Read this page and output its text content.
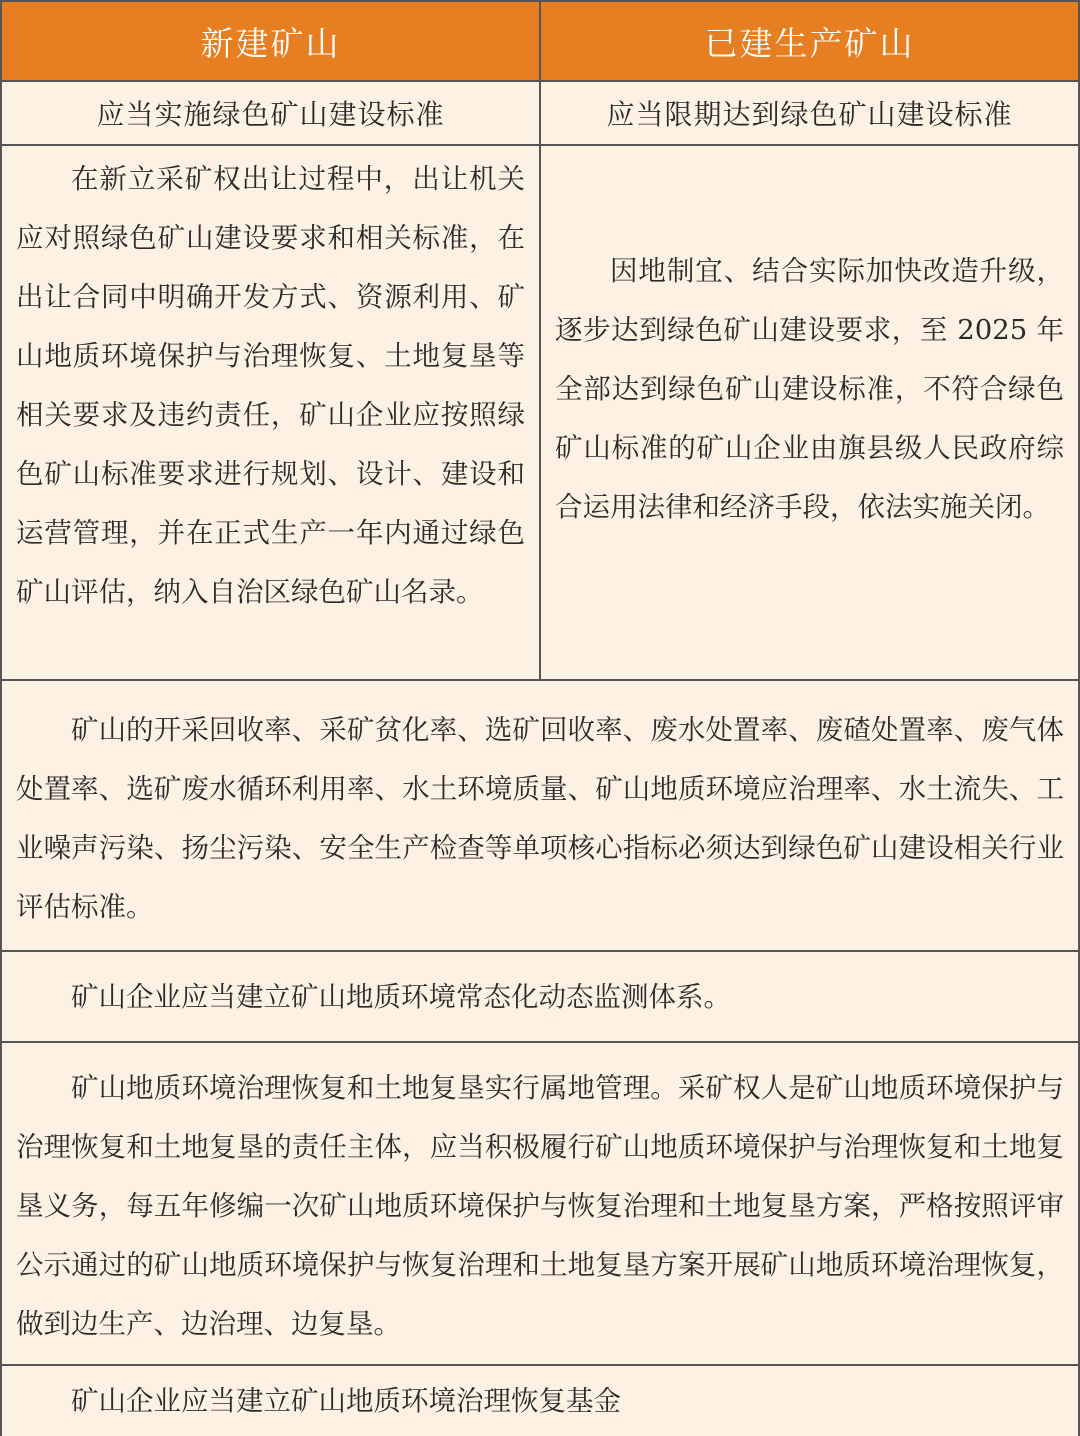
新建矿山	已建生产矿山
应当实施绿色矿山建设标准	应当限期达到绿色矿山建设标准

在新立采矿权出让过程中，出让机关应对照绿色矿山建设要求和相关标准，在出让合同中明确开发方式、资源利用、矿山地质环境保护与治理恢复、土地复垦等相关要求及违约责任，矿山企业应按照绿色矿山标准要求进行规划、设计、建设和运营管理，并在正式生产一年内通过绿色矿山评估，纳入自治区绿色矿山名录。

因地制宜、结合实际加快改造升级，逐步达到绿色矿山建设要求，至 2025 年全部达到绿色矿山建设标准，不符合绿色矿山标准的矿山企业由旗县级人民政府综合运用法律和经济手段，依法实施关闭。

矿山的开采回收率、采矿贫化率、选矿回收率、废水处置率、废碴处置率、废气体处置率、选矿废水循环利用率、水土环境质量、矿山地质环境应治理率、水土流失、工业噪声污染、扬尘污染、安全生产检查等单项核心指标必须达到绿色矿山建设相关行业评估标准。

矿山企业应当建立矿山地质环境常态化动态监测体系。

矿山地质环境治理恢复和土地复垦实行属地管理。采矿权人是矿山地质环境保护与治理恢复和土地复垦的责任主体，应当积极履行矿山地质环境保护与治理恢复和土地复垦义务，每五年修编一次矿山地质环境保护与恢复治理和土地复垦方案，严格按照评审公示通过的矿山地质环境保护与恢复治理和土地复垦方案开展矿山地质环境治理恢复，做到边生产、边治理、边复垦。

矿山企业应当建立矿山地质环境治理恢复基金
